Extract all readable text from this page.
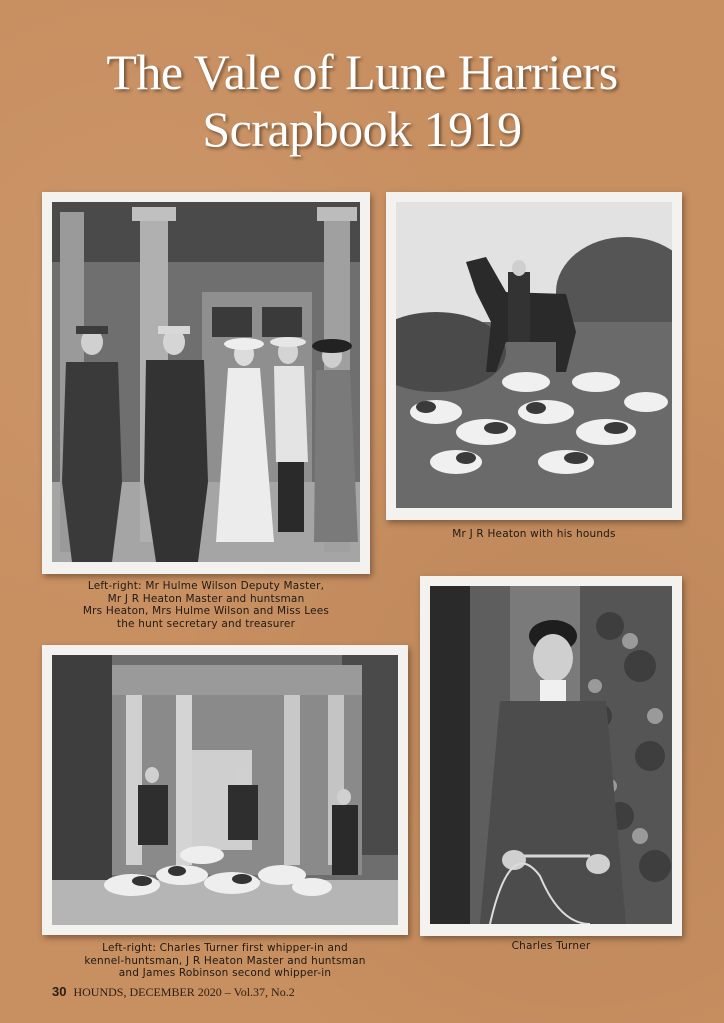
The Vale of Lune Harriers
Scrapbook 1919
Mr J R Heaton with his hounds
Left-right: Mr Hulme Wilson Deputy Master,
Mr J R Heaton Master and huntsman
Mrs Heaton, Mrs Hulme Wilson and Miss Lees
the hunt secretary and treasurer
Left-right: Charles Turner first whipper-in and
kennel-huntsman, J R Heaton Master and huntsman
and James Robinson second whipper-in
Charles Turner
30 HOUNDS, DECEMBER 2020 – Vol.37, No.2
